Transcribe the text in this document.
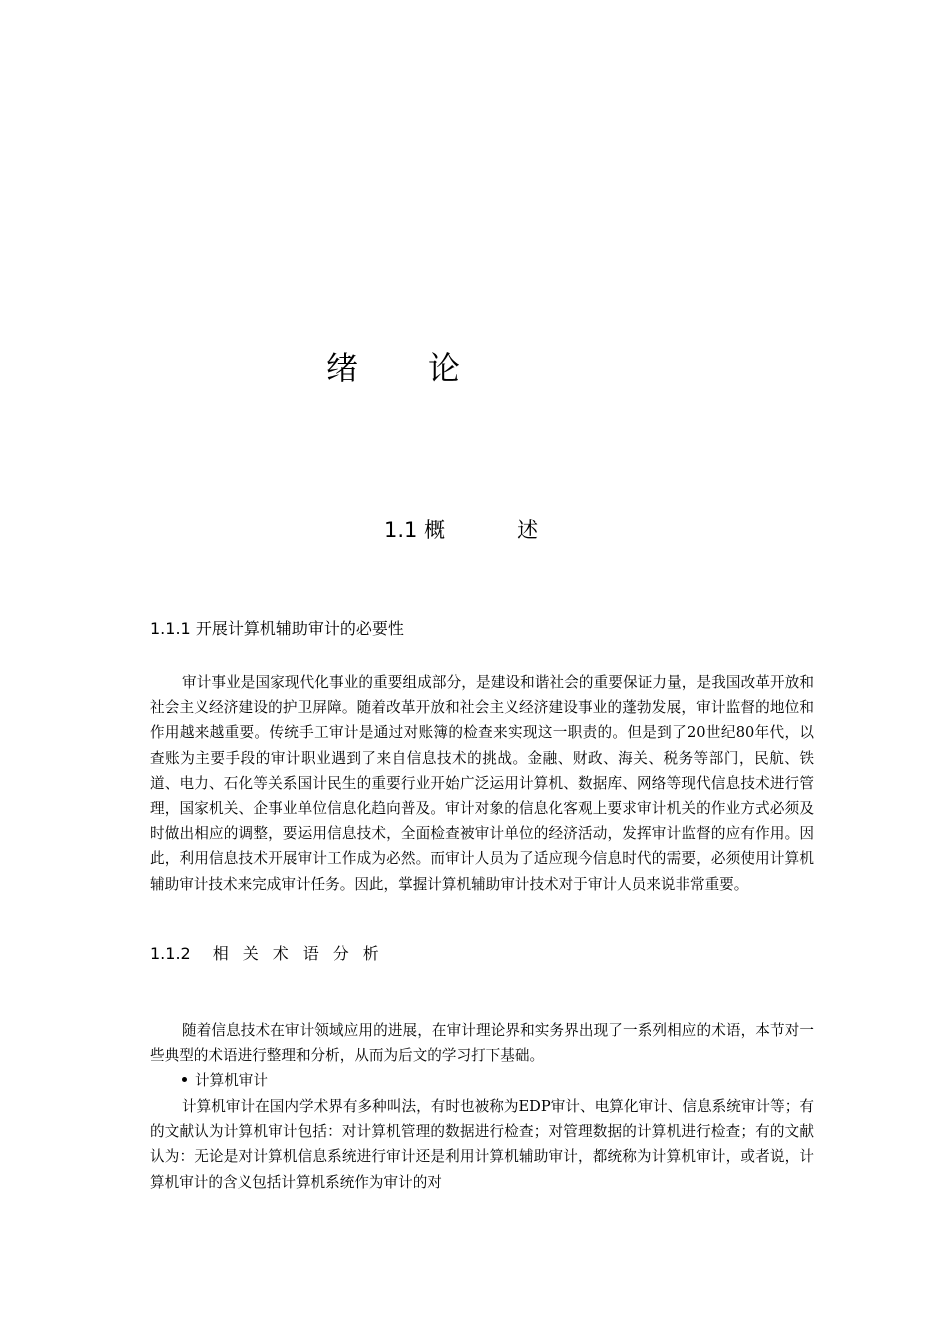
绪 论
1.1 概	述
1.1.1 开展计算机辅助审计的必要性

审计事业是国家现代化事业的重要组成部分，是建设和谐社会的重要保证力量，是我国改革开放和社会主义经济建设的护卫屏障。随着改革开放和社会主义经济建设事业的蓬勃发展，审计监督的地位和作用越来越重要。传统手工审计是通过对账簿的检查来实现这一职责的。但是到了20世纪80年代，以查账为主要手段的审计职业遇到了来自信息技术的挑战。金融、财政、海关、税务等部门，民航、铁道、电力、石化等关系国计民生的重要行业开始广泛运用计算机、数据库、网络等现代信息技术进行管理，国家机关、企事业单位信息化趋向普及。审计对象的信息化客观上要求审计机关的作业方式必须及时做出相应的调整，要运用信息技术，全面检查被审计单位的经济活动，发挥审计监督的应有作用。因此，利用信息技术开展审计工作成为必然。而审计人员为了适应现今信息时代的需要，必须使用计算机辅助审计技术来完成审计任务。因此，掌握计算机辅助审计技术对于审计人员来说非常重要。

1.1.2 相关术语分析

随着信息技术在审计领域应用的进展，在审计理论界和实务界出现了一系列相应的术语，本节对一些典型的术语进行整理和分析，从而为后文的学习打下基础。

计算机审计

计算机审计在国内学术界有多种叫法，有时也被称为EDP审计、电算化审计、信息系统审计等；有的文献认为计算机审计包括：对计算机管理的数据进行检查；对管理数据的计算机进行检查；有的文献认为：无论是对计算机信息系统进行审计还是利用计算机辅助审计，都统称为计算机审计，或者说，计算机审计的含义包括计算机系统作为审计的对
